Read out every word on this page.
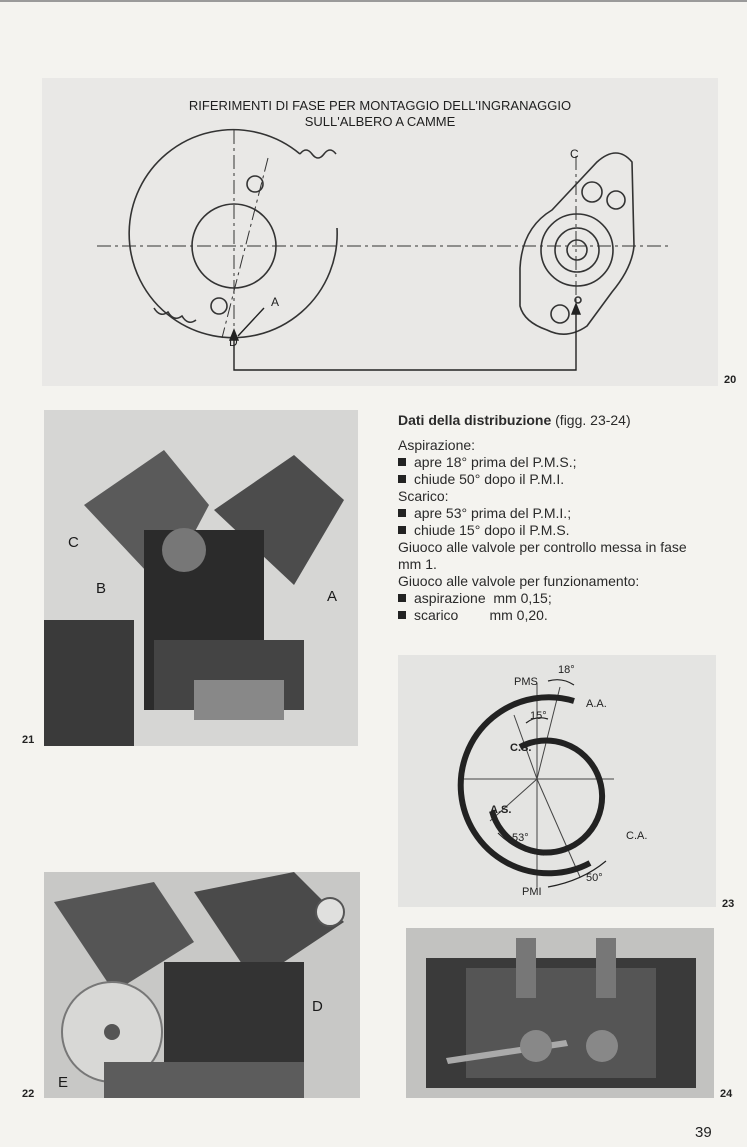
A
C
D
RIFERIMENTI DI FASE PER MONTAGGIO DELL'INGRANAGGIO
SULL'ALBERO A CAMME
20
C
B	A
21
Dati della distribuzione (figg. 23-24)
Aspirazione:
apre 18° prima del P.M.S.;
chiude 50° dopo il P.M.I.
Scarico:
apre 53° prima del P.M.I.;
chiude 15° dopo il P.M.S.
Giuoco alle valvole per controllo messa in fase
mm 1.
Giuoco alle valvole per funzionamento:
aspirazione  mm 0,15;
scarico        mm 0,20.
PMS
18°
A.A.
15°
C.S.
A.S.
53°	C.A.
50°
PMI
23
D
E
22	24
39
